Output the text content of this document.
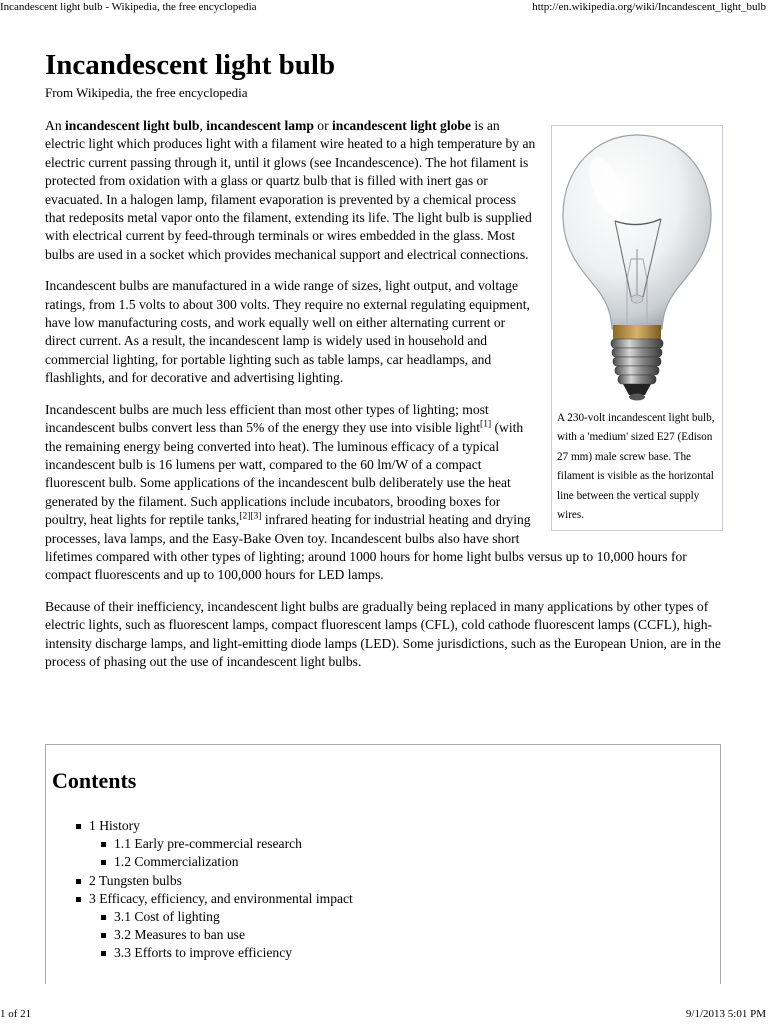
Incandescent light bulb - Wikipedia, the free encyclopedia	http://en.wikipedia.org/wiki/Incandescent_light_bulb
Incandescent light bulb
From Wikipedia, the free encyclopedia
A 230-volt incandescent light bulb, with a 'medium' sized E27 (Edison 27 mm) male screw base. The filament is visible as the horizontal line between the vertical supply wires.

An incandescent light bulb, incandescent lamp or incandescent light globe is an electric light which produces light with a filament wire heated to a high temperature by an electric current passing through it, until it glows (see Incandescence). The hot filament is protected from oxidation with a glass or quartz bulb that is filled with inert gas or evacuated. In a halogen lamp, filament evaporation is prevented by a chemical process that redeposits metal vapor onto the filament, extending its life. The light bulb is supplied with electrical current by feed-through terminals or wires embedded in the glass. Most bulbs are used in a socket which provides mechanical support and electrical connections.

Incandescent bulbs are manufactured in a wide range of sizes, light output, and voltage ratings, from 1.5 volts to about 300 volts. They require no external regulating equipment, have low manufacturing costs, and work equally well on either alternating current or direct current. As a result, the incandescent lamp is widely used in household and commercial lighting, for portable lighting such as table lamps, car headlamps, and flashlights, and for decorative and advertising lighting.

Incandescent bulbs are much less efficient than most other types of lighting; most incandescent bulbs convert less than 5% of the energy they use into visible light[1] (with the remaining energy being converted into heat). The luminous efficacy of a typical incandescent bulb is 16 lumens per watt, compared to the 60 lm/W of a compact fluorescent bulb. Some applications of the incandescent bulb deliberately use the heat generated by the filament. Such applications include incubators, brooding boxes for poultry, heat lights for reptile tanks,[2][3] infrared heating for industrial heating and drying processes, lava lamps, and the Easy-Bake Oven toy. Incandescent bulbs also have short lifetimes compared with other types of lighting; around 1000 hours for home light bulbs versus up to 10,000 hours for compact fluorescents and up to 100,000 hours for LED lamps.

Because of their inefficiency, incandescent light bulbs are gradually being replaced in many applications by other types of electric lights, such as fluorescent lamps, compact fluorescent lamps (CFL), cold cathode fluorescent lamps (CCFL), high-intensity discharge lamps, and light-emitting diode lamps (LED). Some jurisdictions, such as the European Union, are in the process of phasing out the use of incandescent light bulbs.

Contents
1 History
1.1 Early pre-commercial research
1.2 Commercialization
2 Tungsten bulbs
3 Efficacy, efficiency, and environmental impact
3.1 Cost of lighting
3.2 Measures to ban use
3.3 Efforts to improve efficiency
1 of 21	9/1/2013 5:01 PM
